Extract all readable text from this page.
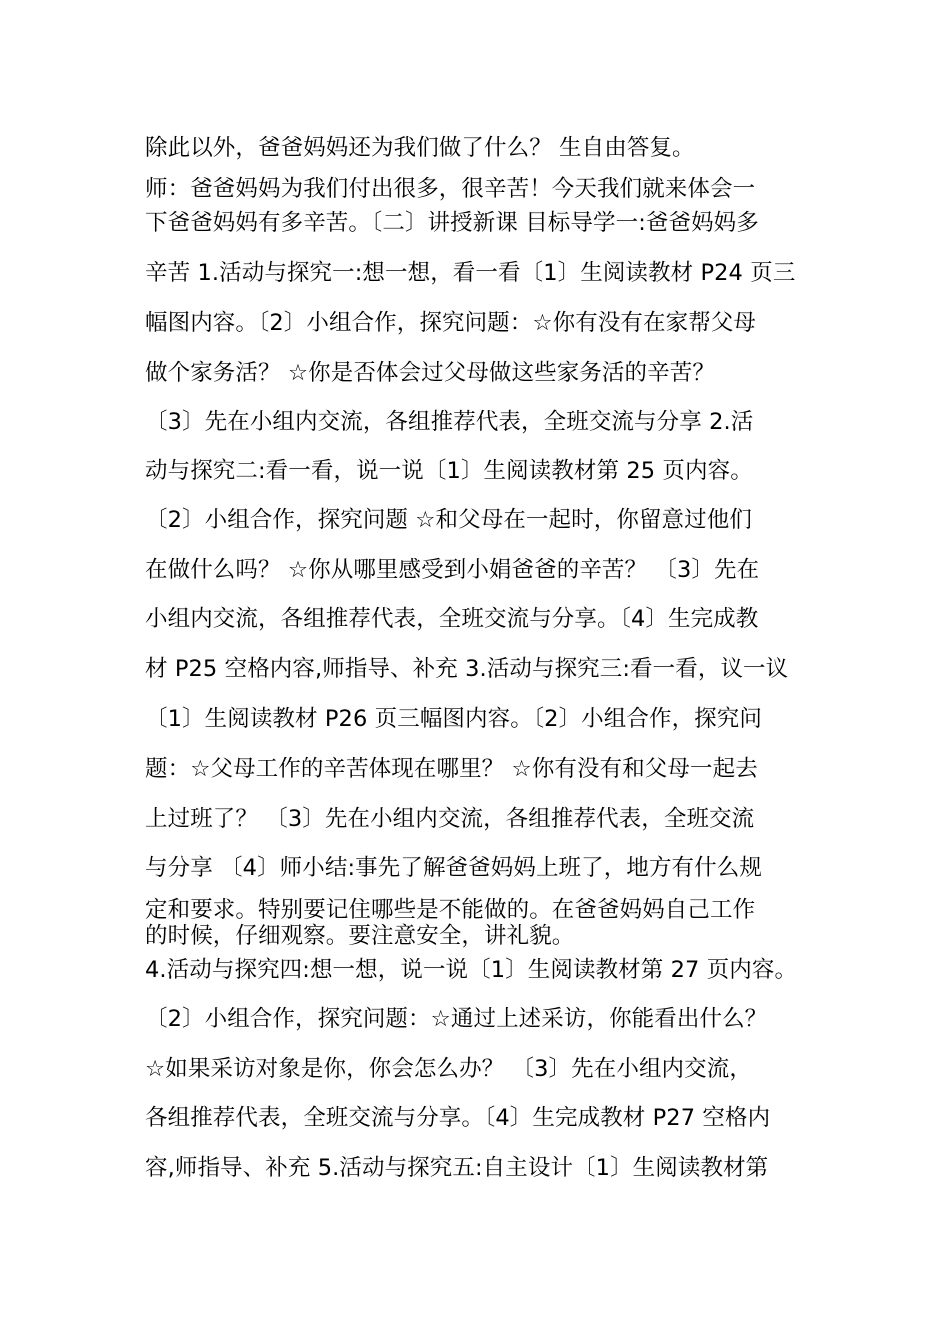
除此以外，爸爸妈妈还为我们做了什么？ 生自由答复。
师：爸爸妈妈为我们付出很多，很辛苦！今天我们就来体会一
下爸爸妈妈有多辛苦。〔二〕讲授新课 目标导学一:爸爸妈妈多
辛苦 1.活动与探究一:想一想，看一看〔1〕生阅读教材 P24 页三
幅图内容。〔2〕小组合作，探究问题：☆你有没有在家帮父母
做个家务活？ ☆你是否体会过父母做这些家务活的辛苦？
〔3〕先在小组内交流，各组推荐代表，全班交流与分享 2.活
动与探究二:看一看，说一说〔1〕生阅读教材第 25 页内容。
〔2〕小组合作，探究问题 ☆和父母在一起时，你留意过他们
在做什么吗？ ☆你从哪里感受到小娟爸爸的辛苦？ 〔3〕先在
小组内交流，各组推荐代表，全班交流与分享。〔4〕生完成教
材 P25 空格内容,师指导、补充 3.活动与探究三:看一看，议一议
〔1〕生阅读教材 P26 页三幅图内容。〔2〕小组合作，探究问
题：☆父母工作的辛苦体现在哪里？ ☆你有没有和父母一起去
上过班了？ 〔3〕先在小组内交流，各组推荐代表，全班交流
与分享 〔4〕师小结:事先了解爸爸妈妈上班了，地方有什么规
定和要求。特别要记住哪些是不能做的。在爸爸妈妈自己工作
的时候，仔细观察。要注意安全，讲礼貌。
4.活动与探究四:想一想，说一说〔1〕生阅读教材第 27 页内容。
〔2〕小组合作，探究问题：☆通过上述采访，你能看出什么？
☆如果采访对象是你，你会怎么办？ 〔3〕先在小组内交流，
各组推荐代表，全班交流与分享。〔4〕生完成教材 P27 空格内
容,师指导、补充 5.活动与探究五:自主设计〔1〕生阅读教材第
